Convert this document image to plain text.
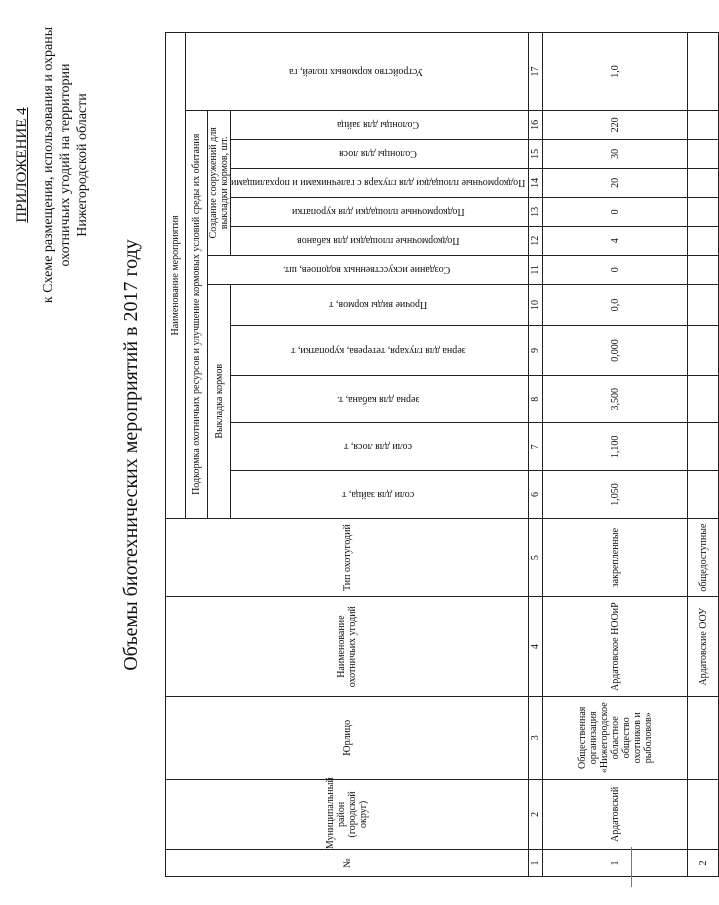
ПРИЛОЖЕНИЕ 4 к Схеме размещения, использования и охраны охотничьих угодий на территории Нижегородской области
Объемы биотехнических мероприятий в 2017 году
№	Муниципальный район (городской округ)	Юрлицо	Наименование охотничьих угодий	Тип охотугодий	Наименование мероприятия											
					Подкормка охотничьих ресурсов и улучшение кормовых условий среды их обитания											Устройство кормовых полей, га
					Выкладка кормов					Создание искусственных водопоев, шт.	Создание сооружений для выкладки кормов, шт.					
					соли для зайца, т	соли для лося, т	зерна для кабана, т.	зерна для глухаря, тетерева, куропатки, т	Прочие виды кормов, т		Подкормочные площадки для кабанов	Подкормочные площадки для куропатки	Подкормочные площадки для глухаря с галечниками и порхалищами	Солонцы для лося	Солонцы для зайца	

1	2	3	4	5	6	7	8	9	10	11	12	13	14	15	16	17
1	Ардатовский	Общественная организация «Нижегородское областное общество охотников и рыболовов»	Ардатовское НООиР	закрепленные	1,050	1,100	3,500	0,000	0,0	0	4	0	20	30	220	1,0
2			Ардатовские ООУ	общедоступные												
